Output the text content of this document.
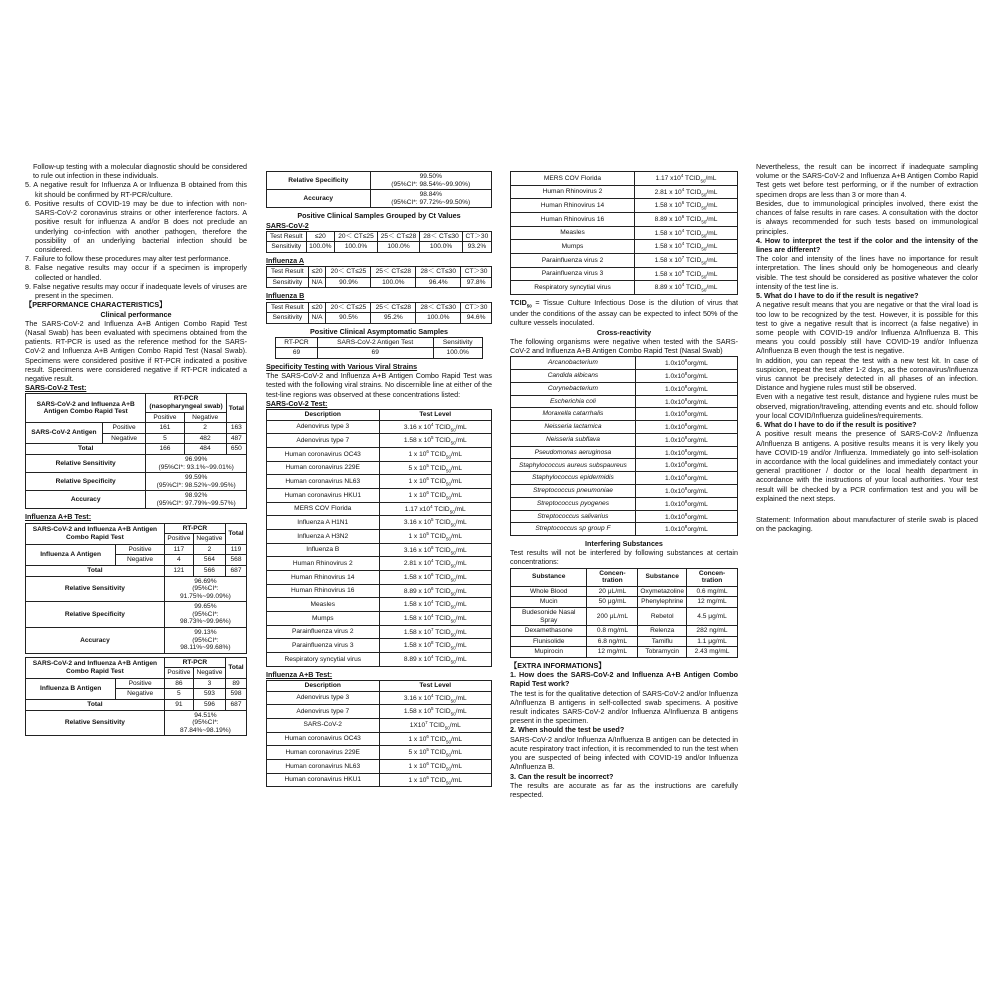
Follow-up testing with a molecular diagnostic should be considered to rule out infection in these individuals.

5. A negative result for Influenza A or Influenza B obtained from this kit should be confirmed by RT-PCR/culture.

6. Positive results of COVID-19 may be due to infection with non-SARS-CoV-2 coronavirus strains or other interference factors. A positive result for influenza A and/or B does not preclude an underlying co-infection with another pathogen, therefore the possibility of an underlying bacterial infection should be considered.

7. Failure to follow these procedures may alter test performance.

8. False negative results may occur if a specimen is improperly collected or handled.

9. False negative results may occur if inadequate levels of viruses are present in the specimen.

【PERFORMANCE CHARACTERISTICS】

Clinical performance

The SARS-CoV-2 and Influenza A+B Antigen Combo Rapid Test (Nasal Swab) has been evaluated with specimens obtained from the patients. RT-PCR is used as the reference method for the SARS-CoV-2 and Influenza A+B Antigen Combo Rapid Test (Nasal Swab). Specimens were considered positive if RT-PCR indicated a positive result. Specimens were considered negative if RT-PCR indicated a negative result.

SARS-CoV-2 Test:

SARS-CoV-2 and Influenza A+B Antigen Combo Rapid Test		RT-PCR (nasopharyngeal swab)		Total
		Positive	Negative	
SARS-CoV-2 Antigen	Positive	161	2	163
	Negative	5	482	487
Total		166	484	650
Relative Sensitivity		96.99%
(95%CI*: 93.1%~99.01%)		
Relative Specificity		99.59%
(95%CI*: 98.52%~99.95%)		
Accuracy		98.92%
(95%CI*: 97.79%~99.57%)		

Influenza A+B Test:

SARS-CoV-2 and Influenza A+B Antigen Combo Rapid Test		RT-PCR		Total
		Positive	Negative	
Influenza A Antigen	Positive	117	2	119
	Negative	4	564	568
Total		121	566	687
Relative Sensitivity		96.69%
(95%CI*: 91.75%~99.09%)		
Relative Specificity		99.65%
(95%CI*: 98.73%~99.96%)		
Accuracy		99.13%
(95%CI*: 98.11%~99.68%)		
SARS-CoV-2 and Influenza A+B Antigen Combo Rapid Test		RT-PCR		Total
		Positive	Negative	
Influenza B Antigen	Positive	86	3	89
	Negative	5	593	598
Total		91	596	687
Relative Sensitivity		94.51%
(95%CI*: 87.84%~98.19%)		
Relative Specificity	99.50%
(95%CI*: 98.54%~99.90%)
Accuracy	98.84%
(95%CI*: 97.72%~99.50%)

Positive Clinical Samples Grouped by Ct Values

SARS-CoV-2

Test Result	≤20	20＜ CT≤25	25＜ CT≤28	28＜ CT≤30	CT＞30
Sensitivity	100.0%	100.0%	100.0%	100.0%	93.2%

Influenza A

Test Result	≤20	20＜ CT≤25	25＜ CT≤28	28＜ CT≤30	CT＞30
Sensitivity	N/A	90.9%	100.0%	96.4%	97.8%

Influenza B

Test Result	≤20	20＜ CT≤25	25＜ CT≤28	28＜ CT≤30	CT＞30
Sensitivity	N/A	90.5%	95.2%	100.0%	94.6%

Positive Clinical Asymptomatic Samples

RT-PCR	SARS-CoV-2 Antigen Test	Sensitivity
69	69	100.0%

Specificity Testing with Various Viral Strains

The SARS-CoV-2 and Influenza A+B Antigen Combo Rapid Test was tested with the following viral strains. No discernible line at either of the test-line regions was observed at these concentrations listed:

SARS-CoV-2 Test:

Description	Test Level
Adenovirus type 3	3.16 x $10^4$ $TCID_{50}/mL$
Adenovirus type 7	1.58 x $10^5$ $TCID_{50}/mL$
Human coronavirus OC43	1 x $10^6$ $TCID_{50}/mL$
Human coronavirus 229E	5 x $10^5$ $TCID_{50}/mL$
Human coronavirus NL63	1 x $10^6$ $TCID_{50}/mL$
Human coronavirus HKU1	1 x $10^6$ $TCID_{50}/mL$
MERS COV Florida	1.17 $x10^4$ $TCID_{50}/mL$
Influenza A H1N1	3.16 x $10^5$ $TCID_{50}/mL$
Influenza A H3N2	1 x $10^5$ $TCID_{50}/mL$
Influenza B	3.16 x $10^6$ $TCID_{50}/mL$
Human Rhinovirus 2	2.81 x $10^4$ $TCID_{50}/mL$
Human Rhinovirus 14	1.58 x $10^6$ $TCID_{50}/mL$
Human Rhinovirus 16	8.89 x $10^6$ $TCID_{50}/mL$
Measles	1.58 x $10^4$ $TCID_{50}/mL$
Mumps	1.58 x $10^4$ $TCID_{50}/mL$
Parainfluenza virus 2	1.58 x $10^7$ $TCID_{50}/mL$
Parainfluenza virus 3	1.58 x $10^8$ $TCID_{50}/mL$
Respiratory syncytial virus	8.89 x $10^4$ $TCID_{50}/mL$

Influenza A+B Test:

Description	Test Level
Adenovirus type 3	3.16 x $10^4$ $TCID_{50}/mL$
Adenovirus type 7	1.58 x $10^5$ $TCID_{50}/mL$
SARS-CoV-2	$1X10^7$ $TCID_{50}/mL$
Human coronavirus OC43	1 x $10^6$ $TCID_{50}/mL$
Human coronavirus 229E	5 x $10^5$ $TCID_{50}/mL$
Human coronavirus NL63	1 x $10^6$ $TCID_{50}/mL$
Human coronavirus HKU1	1 x $10^6$ $TCID_{50}/mL$
MERS COV Florida	1.17 $x10^4$ $TCID_{50}/mL$
Human Rhinovirus 2	2.81 x $10^4$ $TCID_{50}/mL$
Human Rhinovirus 14	1.58 x $10^6$ $TCID_{50}/mL$
Human Rhinovirus 16	8.89 x $10^6$ $TCID_{50}/mL$
Measles	1.58 x $10^4$ $TCID_{50}/mL$
Mumps	1.58 x $10^4$ $TCID_{50}/mL$
Parainfluenza virus 2	1.58 x $10^7$ $TCID_{50}/mL$
Parainfluenza virus 3	1.58 x $10^8$ $TCID_{50}/mL$
Respiratory syncytial virus	8.89 x $10^4$ $TCID_{50}/mL$

$TCID_{50}$ = Tissue Culture Infectious Dose is the dilution of virus that under the conditions of the assay can be expected to infect 50% of the culture vessels inoculated.

Cross-reactivity

The following organisms were negative when tested with the SARS-CoV-2 and Influenza A+B Antigen Combo Rapid Test (Nasal Swab)

Arcanobacterium	$1.0x10^8org/mL$
Candida albicans	$1.0x10^8org/mL$
Corynebacterium	$1.0x10^8org/mL$
Escherichia coli	$1.0x10^8org/mL$
Moraxella catarrhalis	$1.0x10^8org/mL$
Neisseria lactamica	$1.0x10^8org/mL$
Neisseria subflava	$1.0x10^8org/mL$
Pseudomonas aeruginosa	$1.0x10^8org/mL$
Staphylococcus aureus subspaureus	$1.0x10^8org/mL$
Staphylococcus epidermidis	$1.0x10^8org/mL$
Streptococcus pneumoniae	$1.0x10^8org/mL$
Streptococcus pyogenes	$1.0x10^8org/mL$
Streptococcus salivarius	$1.0x10^8org/mL$
Streptococcus sp group F	$1.0x10^8org/mL$

Interfering Substances

Test results will not be interfered by following substances at certain concentrations:

Substance	Concen-tration	Substance	Concen-tration
Whole Blood	20 μL/mL	Oxymetazoline	0.6 mg/mL
Mucin	50 μg/mL	Phenylephrine	12 mg/mL
Budesonide Nasal Spray	200 μL/mL	Rebetol	4.5 μg/mL
Dexamethasone	0.8 mg/mL	Relenza	282 ng/mL
Flunisolide	6.8 ng/mL	Tamiflu	1.1 μg/mL
Mupirocin	12 mg/mL	Tobramycin	2.43 mg/mL

【EXTRA INFORMATIONS】

1. How does the SARS-CoV-2 and Influenza A+B Antigen Combo Rapid Test work?

The test is for the qualitative detection of SARS-CoV-2 and/or Influenza A/Influenza B antigens in self-collected swab specimens. A positive result indicates SARS-CoV-2 and/or Influenza A/Influenza B antigens present in the specimen.

2. When should the test be used?

SARS-CoV-2 and/or Influenza A/Influenza B antigen can be detected in acute respiratory tract infection, it is recommended to run the test when you are suspected of being infected with COVID-19 and/or Influenza A/Influenza B.

3. Can the result be incorrect?

The results are accurate as far as the instructions are carefully respected.

Nevertheless, the result can be incorrect if inadequate sampling volume or the SARS-CoV-2 and Influenza A+B Antigen Combo Rapid Test gets wet before test performing, or if the number of extraction specimen drops are less than 3 or more than 4.

Besides, due to immunological principles involved, there exist the chances of false results in rare cases. A consultation with the doctor is always recommended for such tests based on immunological principles.

4. How to interpret the test if the color and the intensity of the lines are different?

The color and intensity of the lines have no importance for result interpretation. The lines should only be homogeneous and clearly visible. The test should be considered as positive whatever the color intensity of the test line is.

5. What do I have to do if the result is negative?

A negative result means that you are negative or that the viral load is too low to be recognized by the test. However, it is possible for this test to give a negative result that is incorrect (a false negative) in some people with COVID-19 and/or Influenza A/Influenza B. This means you could possibly still have COVID-19 and/or Influenza A/Influenza B even though the test is negative.

In addition, you can repeat the test with a new test kit. In case of suspicion, repeat the test after 1-2 days, as the coronavirus/Influenza virus cannot be precisely detected in all phases of an infection. Distance and hygiene rules must still be observed.

Even with a negative test result, distance and hygiene rules must be observed, migration/traveling, attending events and etc. should follow your local COVID/Influenza guidelines/requirements.

6. What do I have to do if the result is positive?

A positive result means the presence of SARS-CoV-2 /Influenza A/Influenza B antigens. A positive results means it is very likely you have COVID-19 and/or /Influenza. Immediately go into self-isolation in accordance with the local guidelines and immediately contact your general practitioner / doctor or the local health department in accordance with the instructions of your local authorities. Your test result will be checked by a PCR confirmation test and you will be explained the next steps.

Statement: Information about manufacturer of sterile swab is placed on the packaging.
